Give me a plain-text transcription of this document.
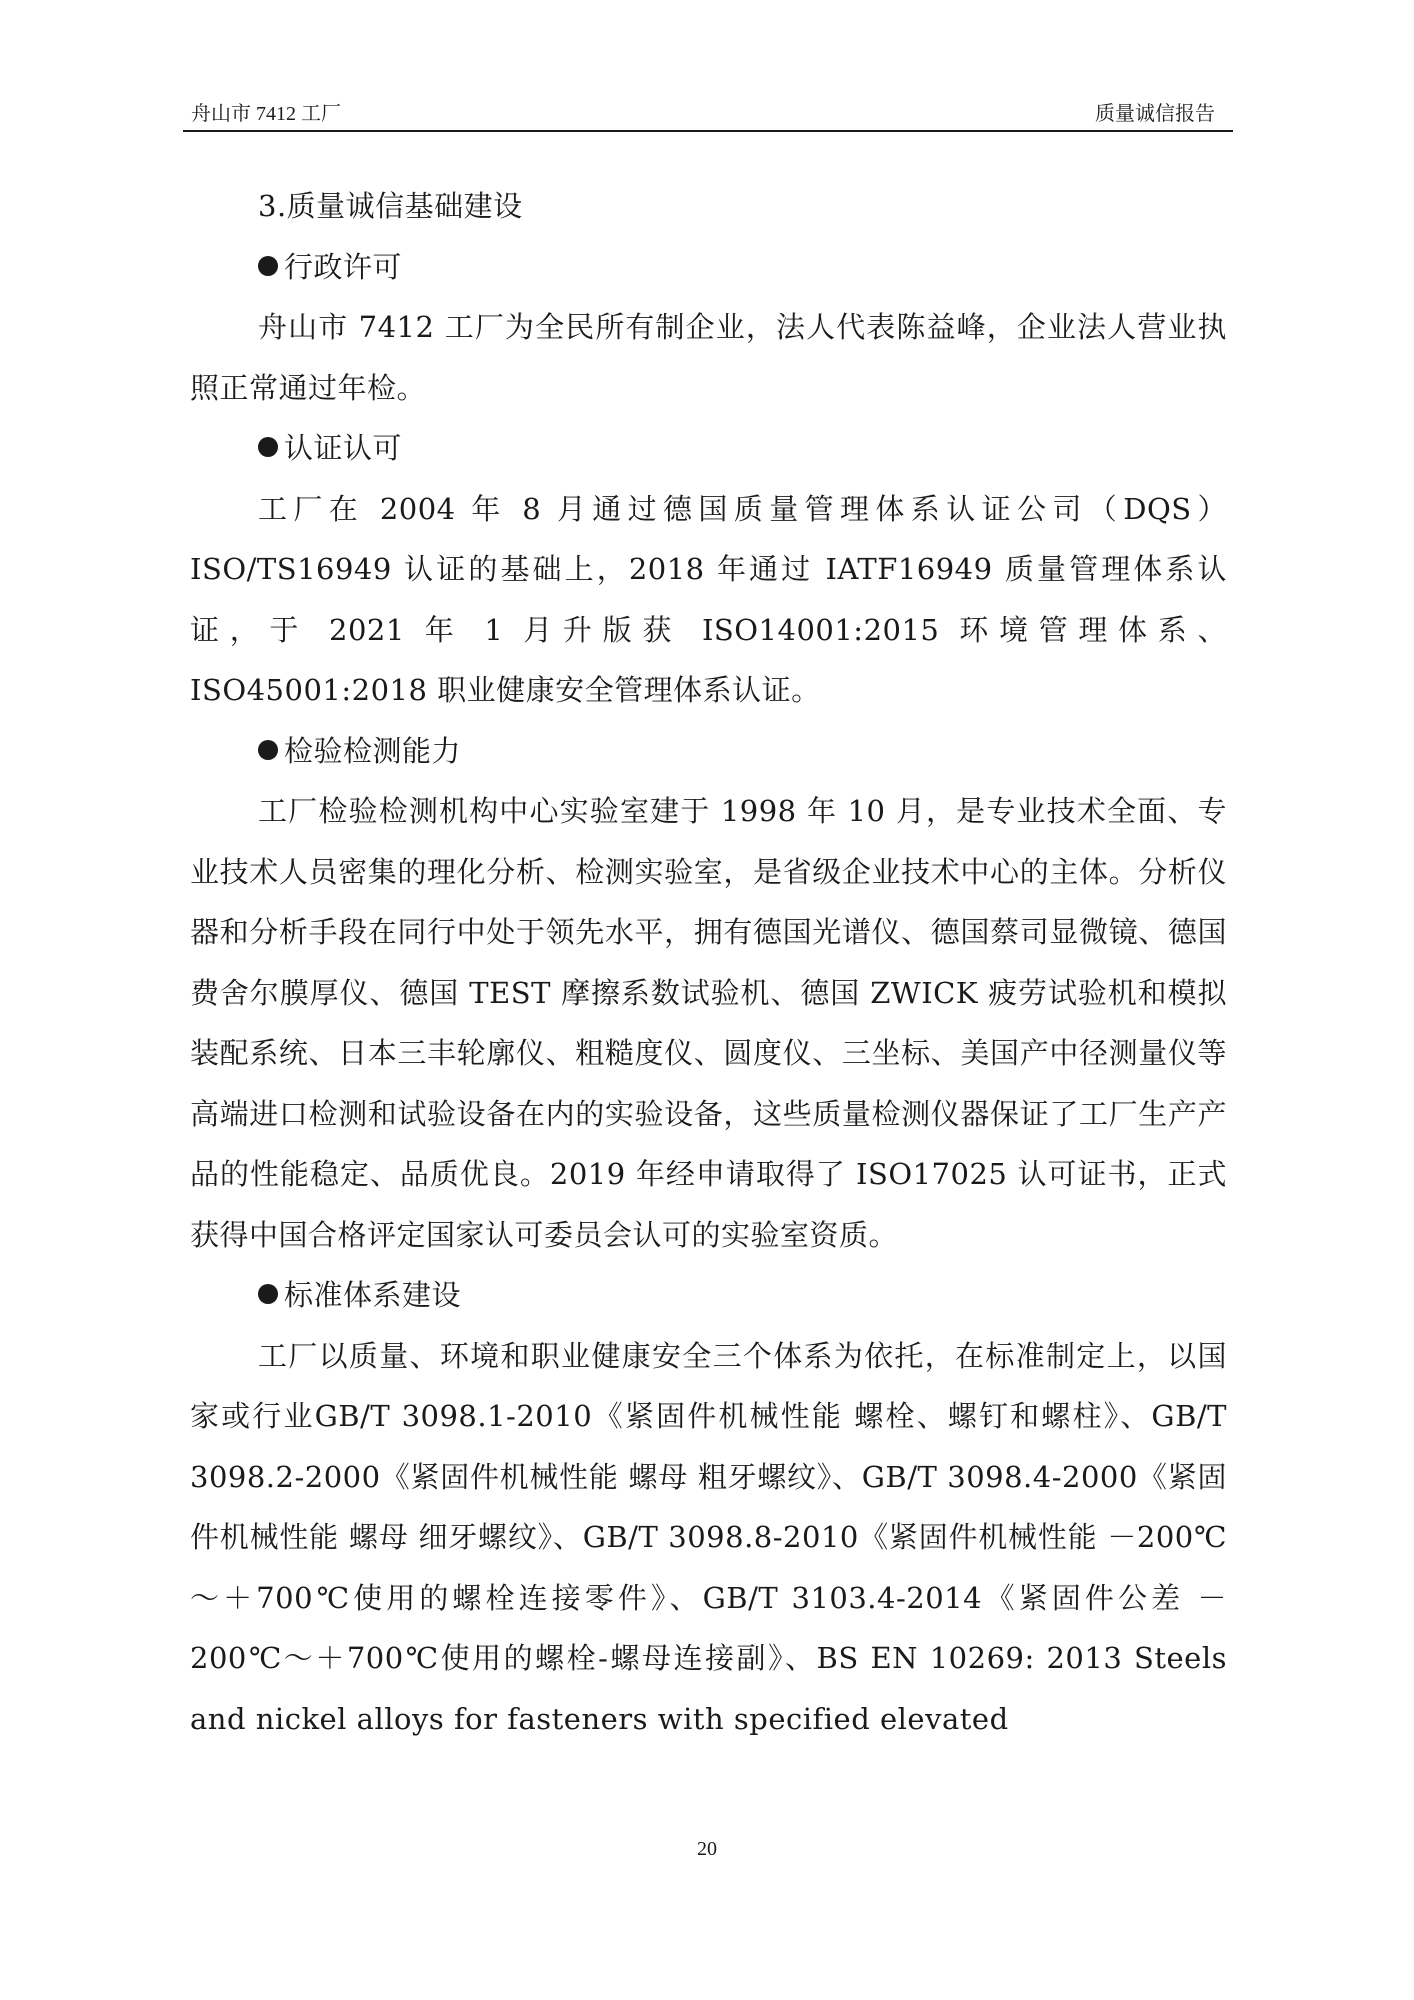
舟山市 7412 工厂	质量诚信报告

3.质量诚信基础建设

行政许可

舟山市 7412 工厂为全民所有制企业，法人代表陈益峰，企业法人营业执照正常通过年检。

认证认可

工厂在 2004 年 8 月通过德国质量管理体系认证公司（DQS）ISO/TS16949 认证的基础上，2018 年通过 IATF16949 质量管理体系认证，于 2021 年 1 月升版获 ISO14001:2015 环境管理体系、ISO45001:2018 职业健康安全管理体系认证。

检验检测能力

工厂检验检测机构中心实验室建于 1998 年 10 月，是专业技术全面、专业技术人员密集的理化分析、检测实验室，是省级企业技术中心的主体。分析仪器和分析手段在同行中处于领先水平，拥有德国光谱仪、德国蔡司显微镜、德国费舍尔膜厚仪、德国 TEST 摩擦系数试验机、德国 ZWICK 疲劳试验机和模拟装配系统、日本三丰轮廓仪、粗糙度仪、圆度仪、三坐标、美国产中径测量仪等高端进口检测和试验设备在内的实验设备，这些质量检测仪器保证了工厂生产产品的性能稳定、品质优良。2019 年经申请取得了 ISO17025 认可证书，正式获得中国合格评定国家认可委员会认可的实验室资质。

标准体系建设

工厂以质量、环境和职业健康安全三个体系为依托，在标准制定上，以国家或行业GB/T 3098.1-2010《紧固件机械性能 螺栓、螺钉和螺柱》、GB/T 3098.2-2000《紧固件机械性能 螺母 粗牙螺纹》、GB/T 3098.4-2000《紧固件机械性能 螺母 细牙螺纹》、GB/T 3098.8-2010《紧固件机械性能 －200℃～＋700℃使用的螺栓连接零件》、GB/T 3103.4-2014《紧固件公差 －200℃～＋700℃使用的螺栓-螺母连接副》、BS EN 10269: 2013 Steels and nickel alloys for fasteners with specified elevated

20
